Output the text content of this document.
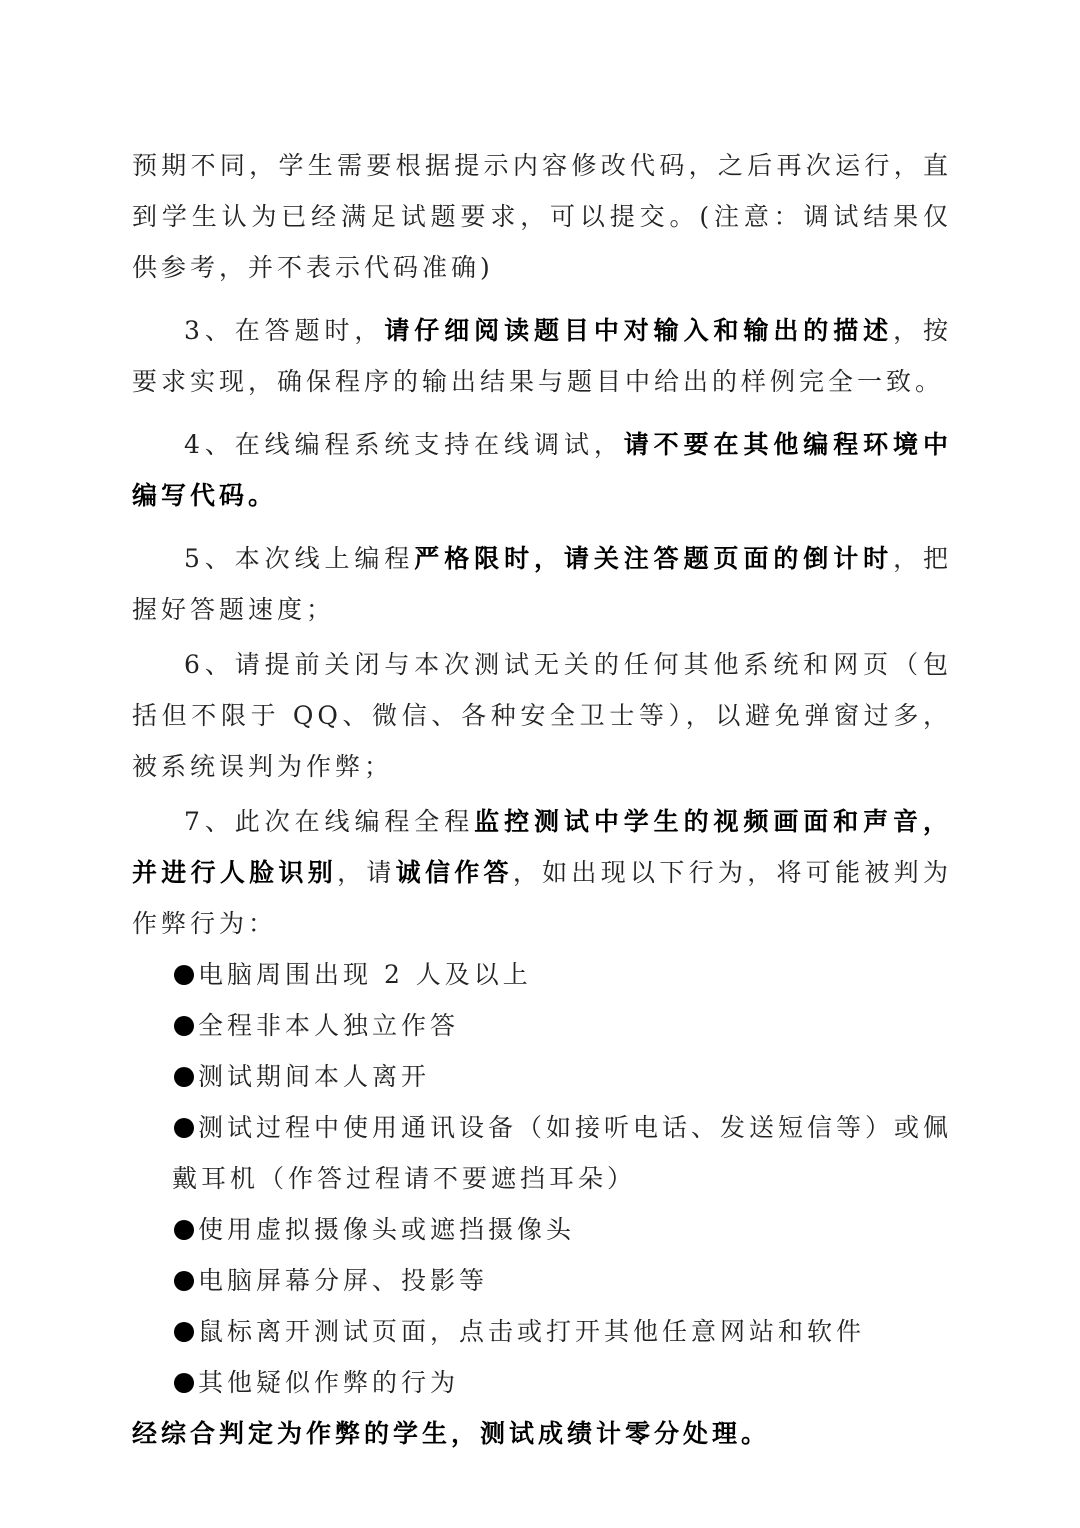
预期不同，学生需要根据提示内容修改代码，之后再次运行，直到学生认为已经满足试题要求，可以提交。(注意：调试结果仅供参考，并不表示代码准确)

3、在答题时，请仔细阅读题目中对输入和输出的描述，按要求实现，确保程序的输出结果与题目中给出的样例完全一致。

4、在线编程系统支持在线调试，请不要在其他编程环境中编写代码。

5、本次线上编程严格限时，请关注答题页面的倒计时，把握好答题速度；

6、请提前关闭与本次测试无关的任何其他系统和网页（包括但不限于 QQ、微信、各种安全卫士等），以避免弹窗过多，被系统误判为作弊；

7、此次在线编程全程监控测试中学生的视频画面和声音，并进行人脸识别，请诚信作答，如出现以下行为，将可能被判为作弊行为：

电脑周围出现 2 人及以上
全程非本人独立作答
测试期间本人离开
测试过程中使用通讯设备（如接听电话、发送短信等）或佩戴耳机（作答过程请不要遮挡耳朵）
使用虚拟摄像头或遮挡摄像头
电脑屏幕分屏、投影等
鼠标离开测试页面，点击或打开其他任意网站和软件
其他疑似作弊的行为

经综合判定为作弊的学生，测试成绩计零分处理。
